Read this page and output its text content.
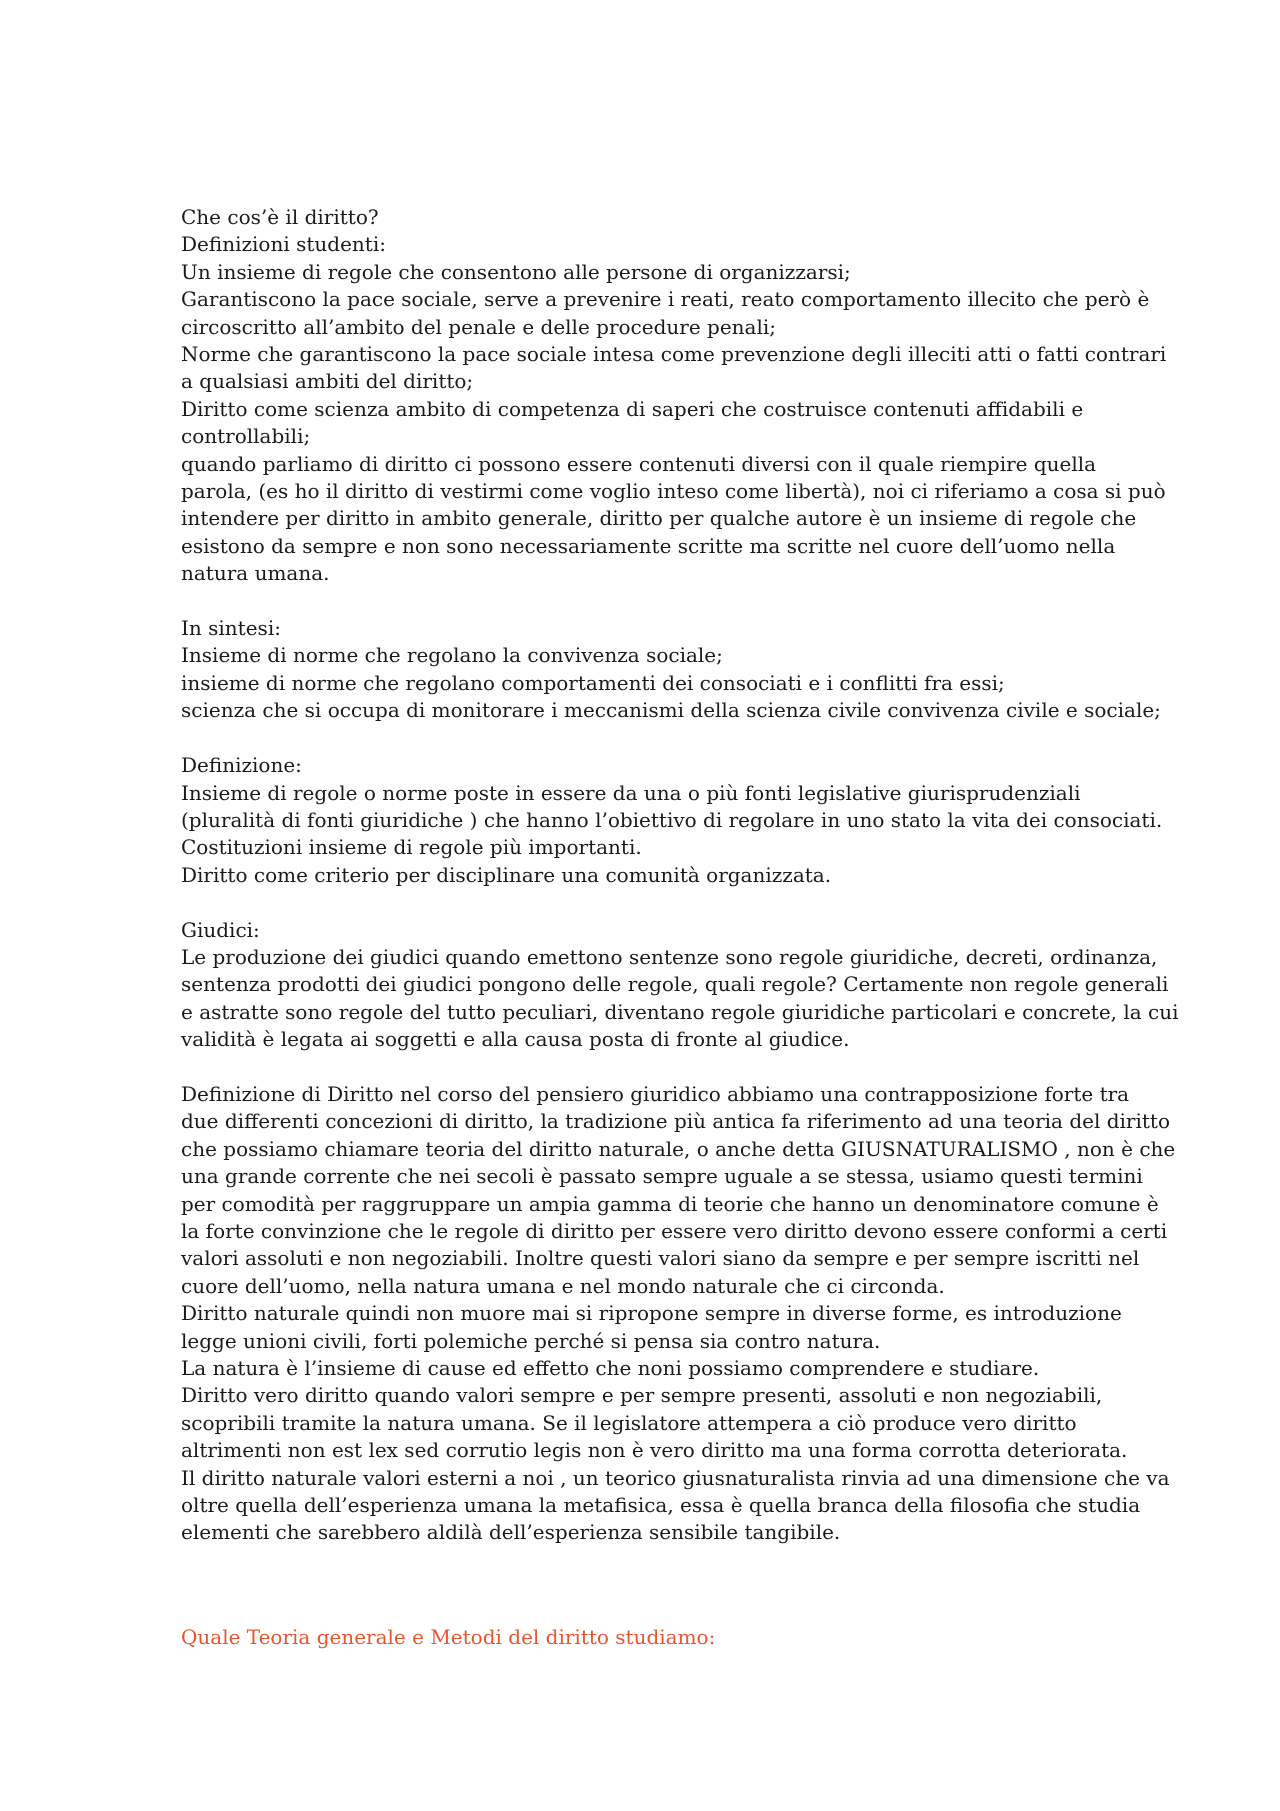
Che cos’è il diritto?
Definizioni studenti:
Un insieme di regole che consentono alle persone di organizzarsi;
Garantiscono la pace sociale, serve a prevenire i reati, reato comportamento illecito che però è
circoscritto all’ambito del penale e delle procedure penali;
Norme che garantiscono la pace sociale intesa come prevenzione degli illeciti atti o fatti contrari
a qualsiasi ambiti del diritto;
Diritto come scienza ambito di competenza di saperi che costruisce contenuti affidabili e
controllabili;
quando parliamo di diritto ci possono essere contenuti diversi con il quale riempire quella
parola, (es ho il diritto di vestirmi come voglio inteso come libertà), noi ci riferiamo a cosa si può
intendere per diritto in ambito generale, diritto per qualche autore è un insieme di regole che
esistono da sempre e non sono necessariamente scritte ma scritte nel cuore dell’uomo nella
natura umana.
In sintesi:
Insieme di norme che regolano la convivenza sociale;
insieme di norme che regolano comportamenti dei consociati e i conflitti fra essi;
scienza che si occupa di monitorare i meccanismi della scienza civile convivenza civile e sociale;
Definizione:
Insieme di regole o norme poste in essere da una o più fonti legislative giurisprudenziali
(pluralità di fonti giuridiche ) che hanno l’obiettivo di regolare in uno stato la vita dei consociati.
Costituzioni insieme di regole più importanti.
Diritto come criterio per disciplinare una comunità organizzata.
Giudici:
Le produzione dei giudici quando emettono sentenze sono regole giuridiche, decreti, ordinanza,
sentenza prodotti dei giudici pongono delle regole, quali regole? Certamente non regole generali
e astratte sono regole del tutto peculiari, diventano regole giuridiche particolari e concrete, la cui
validità è legata ai soggetti e alla causa posta di fronte al giudice.
Definizione di Diritto nel corso del pensiero giuridico abbiamo una contrapposizione forte tra
due differenti concezioni di diritto, la tradizione più antica fa riferimento ad una teoria del diritto
che possiamo chiamare teoria del diritto naturale, o anche detta GIUSNATURALISMO , non è che
una grande corrente che nei secoli è passato sempre uguale a se stessa, usiamo questi termini
per comodità per raggruppare un ampia gamma di teorie che hanno un denominatore comune è
la forte convinzione che le regole di diritto per essere vero diritto devono essere conformi a certi
valori assoluti e non negoziabili. Inoltre questi valori siano da sempre e per sempre iscritti nel
cuore dell’uomo, nella natura umana e nel mondo naturale che ci circonda.
Diritto naturale quindi non muore mai si ripropone sempre in diverse forme, es introduzione
legge unioni civili, forti polemiche perché si pensa sia contro natura.
La natura è l’insieme di cause ed effetto che noni possiamo comprendere e studiare.
Diritto vero diritto quando valori sempre e per sempre presenti, assoluti e non negoziabili,
scopribili tramite la natura umana. Se il legislatore attempera a ciò produce vero diritto
altrimenti non est lex sed corrutio legis non è vero diritto ma una forma corrotta deteriorata.
Il diritto naturale valori esterni a noi , un teorico giusnaturalista rinvia ad una dimensione che va
oltre quella dell’esperienza umana la metafisica, essa è quella branca della filosofia che studia
elementi che sarebbero aldilà dell’esperienza sensibile tangibile.
Quale Teoria generale e Metodi del diritto studiamo:
